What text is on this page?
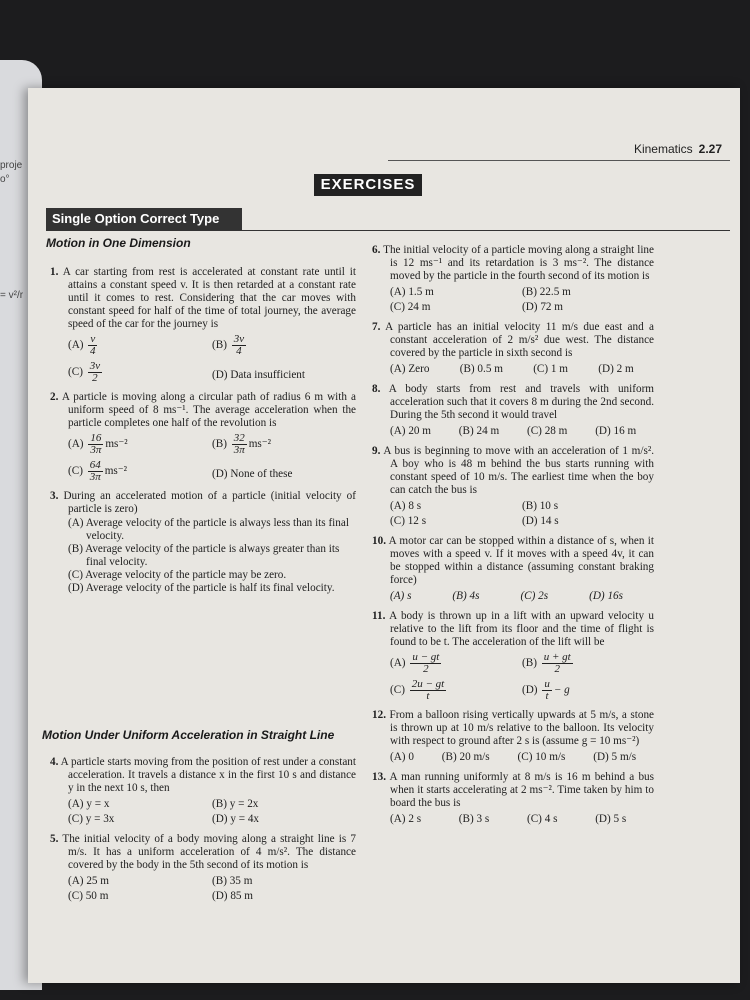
proje
o°
= v²/r
Kinematics 2.27
EXERCISES
Single Option Correct Type
Motion in One Dimension
1. A car starting from rest is accelerated at constant rate until it attains a constant speed v. It is then retarded at a constant rate until it comes to rest. Considering that the car moves with constant speed for half of the time of total journey, the average speed of the car for the journey is
$(A) \frac{v}{4}$	$(B) \frac{3v}{4}$
$(C) \frac{3v}{2}$	(D) Data insufficient
2. A particle is moving along a circular path of radius 6 m with a uniform speed of 8 ms⁻¹. The average acceleration when the particle completes one half of the revolution is
$(A) \frac{16}{3\pi} ms^{-2}$	$(B) \frac{32}{3\pi} ms^{-2}$
$(C) \frac{64}{3\pi} ms^{-2}$	(D) None of these
3. During an accelerated motion of a particle (initial velocity of particle is zero)
(A) Average velocity of the particle is always less than its final velocity.
(B) Average velocity of the particle is always greater than its final velocity.
(C) Average velocity of the particle may be zero.
(D) Average velocity of the particle is half its final velocity.
Motion Under Uniform Acceleration in Straight Line
4. A particle starts moving from the position of rest under a constant acceleration. It travels a distance x in the first 10 s and distance y in the next 10 s, then
(A) y = x	(B) y = 2x
(C) y = 3x	(D) y = 4x
5. The initial velocity of a body moving along a straight line is 7 m/s. It has a uniform acceleration of 4 m/s². The distance covered by the body in the 5th second of its motion is
(A) 25 m	(B) 35 m
(C) 50 m	(D) 85 m
6. The initial velocity of a particle moving along a straight line is 12 ms⁻¹ and its retardation is 3 ms⁻². The distance moved by the particle in the fourth second of its motion is
(A) 1.5 m	(B) 22.5 m
(C) 24 m	(D) 72 m
7. A particle has an initial velocity 11 m/s due east and a constant acceleration of 2 m/s² due west. The distance covered by the particle in sixth second is
(A) Zero	(B) 0.5 m	(C) 1 m	(D) 2 m
8. A body starts from rest and travels with uniform acceleration such that it covers 8 m during the 2nd second. During the 5th second it would travel
(A) 20 m	(B) 24 m	(C) 28 m	(D) 16 m
9. A bus is beginning to move with an acceleration of 1 m/s². A boy who is 48 m behind the bus starts running with constant speed of 10 m/s. The earliest time when the boy can catch the bus is
(A) 8 s	(B) 10 s
(C) 12 s	(D) 14 s
10. A motor car can be stopped within a distance of s, when it moves with a speed v. If it moves with a speed 4v, it can be stopped within a distance (assuming constant braking force)
(A) s	(B) 4s	(C) 2s	(D) 16s
11. A body is thrown up in a lift with an upward velocity u relative to the lift from its floor and the time of flight is found to be t. The acceleration of the lift will be
$(A) \frac{u - gt}{2}$	$(B) \frac{u + gt}{2}$
$(C) \frac{2u - gt}{t}$	$(D) \frac{u}{t} - g$
12. From a balloon rising vertically upwards at 5 m/s, a stone is thrown up at 10 m/s relative to the balloon. Its velocity with respect to ground after 2 s is (assume g = 10 ms⁻²)
(A) 0	(B) 20 m/s	(C) 10 m/s	(D) 5 m/s
13. A man running uniformly at 8 m/s is 16 m behind a bus when it starts accelerating at 2 ms⁻². Time taken by him to board the bus is
(A) 2 s	(B) 3 s	(C) 4 s	(D) 5 s
